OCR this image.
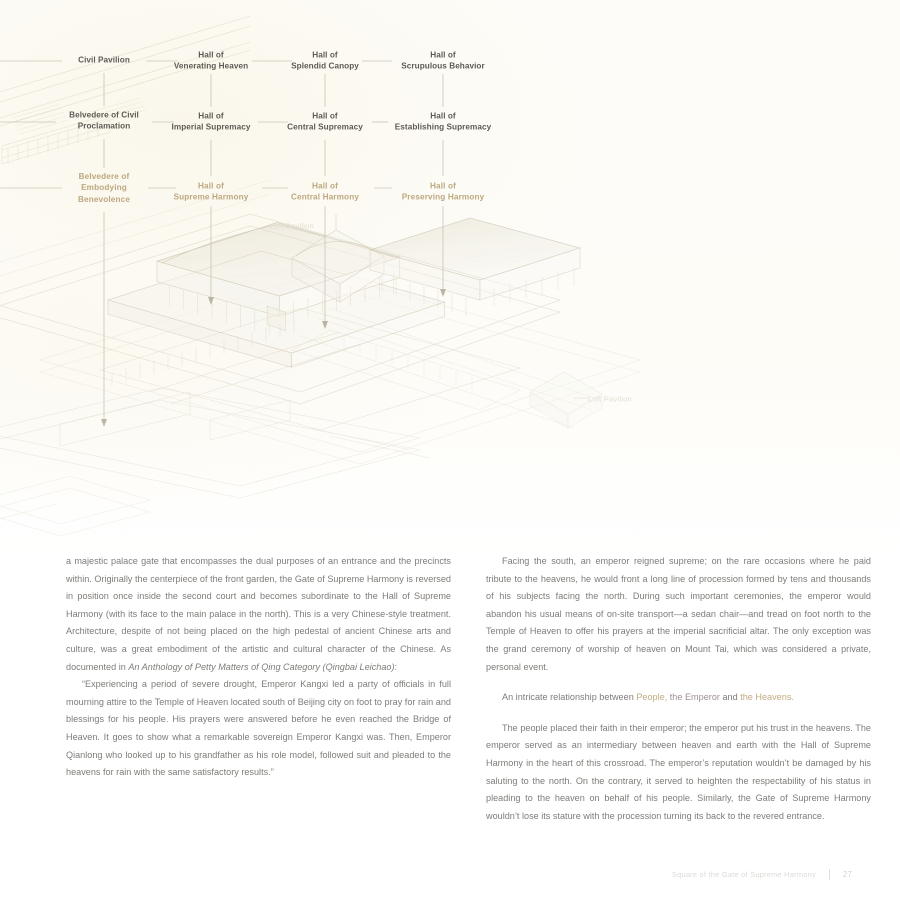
Civil Pavilion
Hall of
Venerating Heaven
Hall of
Splendid Canopy
Hall of
Scrupulous Behavior
Belvedere of Civil
Proclamation
Hall of
Imperial Supremacy
Hall of
Central Supremacy
Hall of
Establishing Supremacy
Belvedere of
Embodying
Benevolence
Hall of
Supreme Harmony
Hall of
Central Harmony
Hall of
Preserving Harmony
Loft Pavilion
Loft Pavilion

a majestic palace gate that encompasses the dual purposes of an entrance and the precincts within. Originally the centerpiece of the front garden, the Gate of Supreme Harmony is reversed in position once inside the second court and becomes subordinate to the Hall of Supreme Harmony (with its face to the main palace in the north). This is a very Chinese-style treatment. Architecture, despite of not being placed on the high pedestal of ancient Chinese arts and culture, was a great embodiment of the artistic and cultural character of the Chinese. As documented in An Anthology of Petty Matters of Qing Category (Qingbai Leichao):

“Experiencing a period of severe drought, Emperor Kangxi led a party of officials in full mourning attire to the Temple of Heaven located south of Beijing city on foot to pray for rain and blessings for his people. His prayers were answered before he even reached the Bridge of Heaven. It goes to show what a remarkable sovereign Emperor Kangxi was. Then, Emperor Qianlong who looked up to his grandfather as his role model, followed suit and pleaded to the heavens for rain with the same satisfactory results.”

Facing the south, an emperor reigned supreme; on the rare occasions where he paid tribute to the heavens, he would front a long line of procession formed by tens and thousands of his subjects facing the north. During such important ceremonies, the emperor would abandon his usual means of on-site transport—a sedan chair—and tread on foot north to the Temple of Heaven to offer his prayers at the imperial sacrificial altar. The only exception was the grand ceremony of worship of heaven on Mount Tai, which was considered a private, personal event.

An intricate relationship between People, the Emperor and the Heavens.

The people placed their faith in their emperor; the emperor put his trust in the heavens. The emperor served as an intermediary between heaven and earth with the Hall of Supreme Harmony in the heart of this crossroad. The emperor’s reputation wouldn’t be damaged by his saluting to the north. On the contrary, it served to heighten the respectability of his status in pleading to the heaven on behalf of his people. Similarly, the Gate of Supreme Harmony wouldn’t lose its stature with the procession turning its back to the revered entrance.

Square of the Gate of Supreme Harmony	27
